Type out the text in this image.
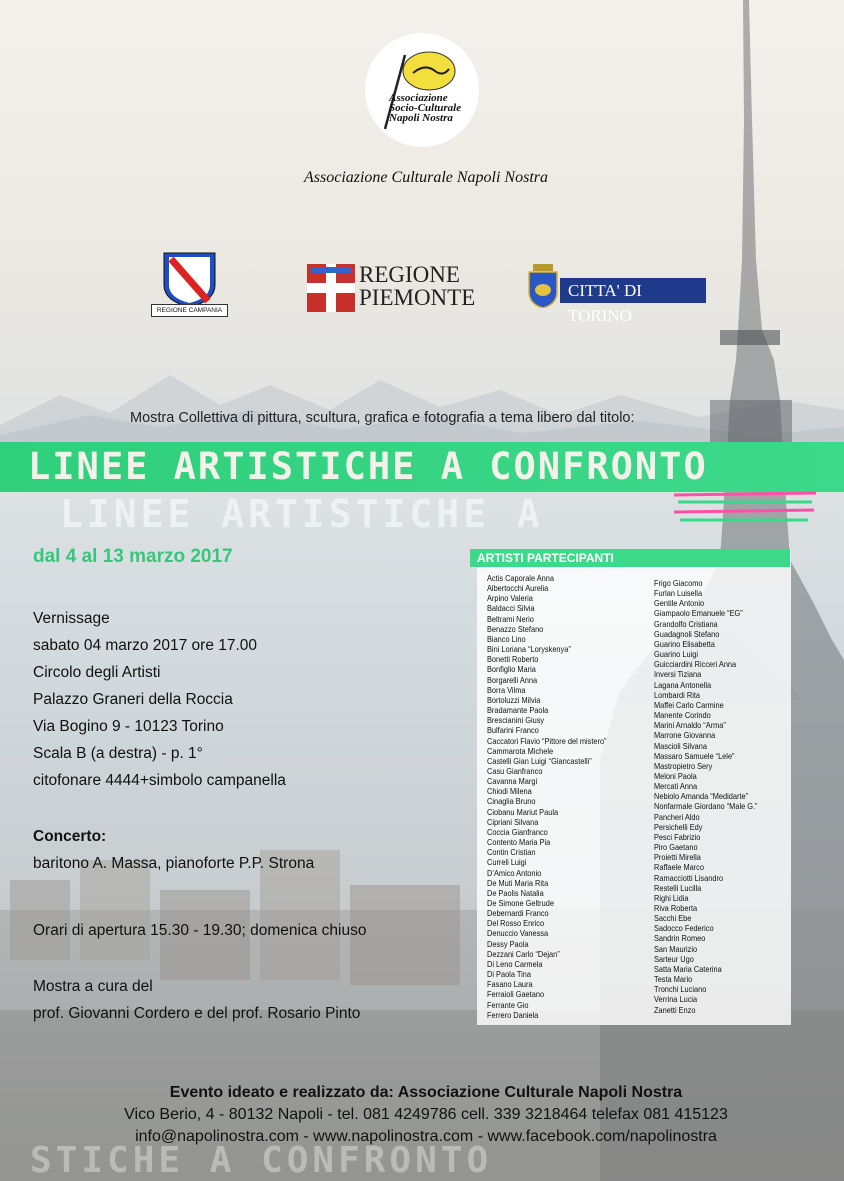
Associazione Socio-Culturale Napoli Nostra
Associazione Culturale Napoli Nostra
REGIONE CAMPANIA
REGIONE
PIEMONTE	CITTA' DI TORINO
Mostra Collettiva di pittura, scultura, grafica e fotografia a tema libero dal titolo:
LINEE ARTISTICHE A CONFRONTO
LINEE ARTISTICHE A
dal 4 al 13 marzo 2017
Vernissage
sabato 04 marzo 2017 ore 17.00
Circolo degli Artisti
Palazzo Graneri della Roccia
Via Bogino 9 - 10123 Torino
Scala B (a destra) - p. 1°
citofonare 4444+simbolo campanella
Concerto:
baritono A. Massa, pianoforte P.P. Strona
Orari di apertura 15.30 - 19.30; domenica chiuso
Mostra a cura del
prof. Giovanni Cordero e del prof. Rosario Pinto
ARTISTI PARTECIPANTI
Actis Caporale Anna
Albertocchi Aurelia
Arpino Valeria
Baldacci Silvia
Beltrami Nerio
Benazzo Stefano
Bianco Lino
Bini Loriana “Loryskenya”
Bonetti Roberto
Bonfiglio Maria
Borgarelli Anna
Borra Vilma
Bortoluzzi Milvia
Bradamante Paola
Brescianini Giusy
Bulfarini Franco
Caccatori Flavio “Pittore del mistero”
Cammarota Michele
Castelli Gian Luigi “Giancastelli”
Casu Gianfranco
Cavanna Margi
Chiodi Milena
Cinaglia Bruno
Ciobanu Mariut Paula
Cipriani Silvana
Coccia Gianfranco
Contento Maria Pia
Contin Cristian
Curreli Luigi
D’Amico Antonio
De Muti Maria Rita
De Paolis Natalia
De Simone Geltrude
Debernardi Franco
Del Rosso Enrico
Denuccio Vanessa
Dessy Paola
Dezzani Carlo “Dejan”
Di Leno Carmela
Di Paola Tina
Fasano Laura
Ferraioli Gaetano
Ferrante Gio
Ferrero Daniela
Frigo Giacomo
Furlan Luisella
Gentile Antonio
Giampaolo Emanuele “EG”
Grandolfo Cristiana
Guadagnoli Stefano
Guarino Elisabetta
Guarino Luigi
Guicciardini Ricceri Anna
Inversi Tiziana
Lagana Antonella
Lombardi Rita
Maffei Carlo Carmine
Manente Corindo
Marini Arnaldo “Arma”
Marrone Giovanna
Mascioli Silvana
Massaro Samuele “Lele”
Mastropietro Sery
Meloni Paola
Mercati Anna
Nebiolo Amanda “Medidarte”
Nonfarmale Giordano “Male G.”
Pancheri Aldo
Persichelli Edy
Pesci Fabrizio
Piro Gaetano
Proietti Mirella
Raffaele Marco
Ramacciotti Lisandro
Restelli Lucilla
Righi Lidia
Riva Roberta
Sacchi Ebe
Sadocco Federico
Sandrin Romeo
San Maurizio
Sarteur Ugo
Satta Maria Caterina
Testa Mario
Tronchi Luciano
Verrina Lucia
Zanetti Enzo
STICHE A CONFRONTO
Evento ideato e realizzato da: Associazione Culturale Napoli Nostra
Vico Berio, 4 - 80132 Napoli - tel. 081 4249786 cell. 339 3218464 telefax 081 415123
info@napolinostra.com - www.napolinostra.com - www.facebook.com/napolinostra
